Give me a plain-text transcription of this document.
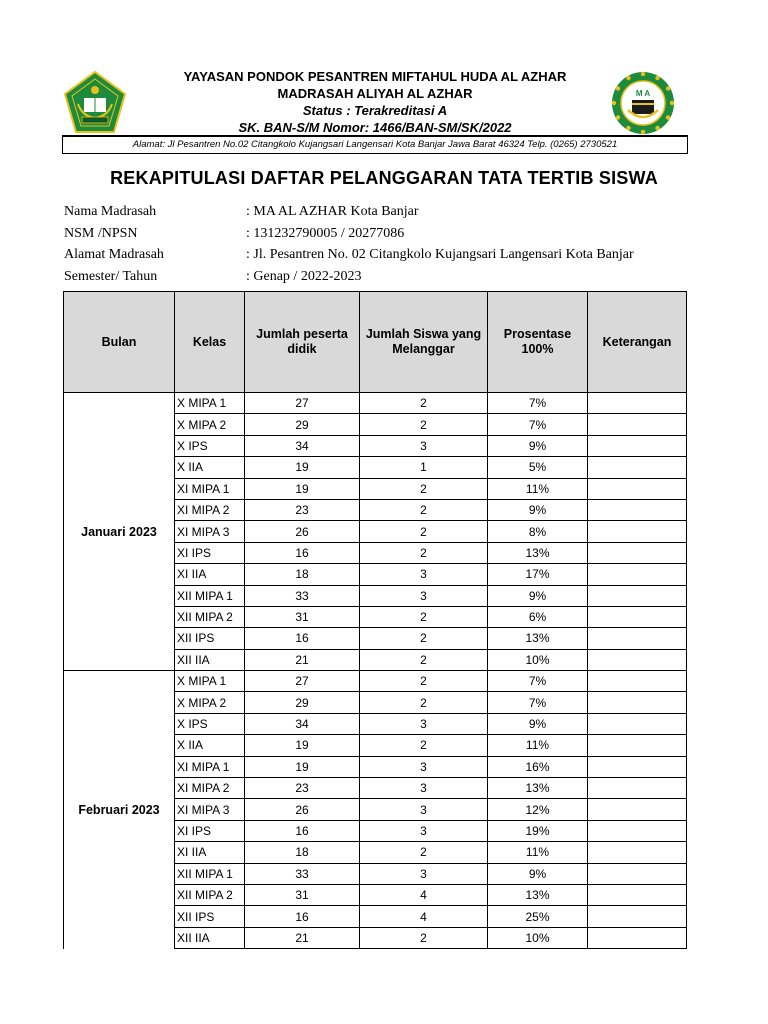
YAYASAN PONDOK PESANTREN MIFTAHUL HUDA AL AZHAR
MADRASAH ALIYAH AL AZHAR
Status : Terakreditasi A
SK. BAN-S/M Nomor: 1466/BAN-SM/SK/2022
M A
Alamat: Jl Pesantren No.02 Citangkolo Kujangsari Langensari Kota Banjar Jawa Barat 46324 Telp. (0265) 2730521
REKAPITULASI DAFTAR PELANGGARAN TATA TERTIB SISWA
Nama Madrasah	: MA AL AZHAR Kota Banjar
NSM /NPSN	: 131232790005 / 20277086
Alamat Madrasah	: Jl. Pesantren No. 02 Citangkolo Kujangsari Langensari Kota Banjar
Semester/ Tahun	: Genap / 2022-2023
Bulan	Kelas	Jumlah peserta didik	Jumlah Siswa yang Melanggar	Prosentase 100%	Keterangan
Januari 2023	X MIPA 1	27	2	7%	
	X MIPA 2	29	2	7%	
	X IPS	34	3	9%	
	X IIA	19	1	5%	
	XI MIPA 1	19	2	11%	
	XI MIPA 2	23	2	9%	
	XI MIPA 3	26	2	8%	
	XI IPS	16	2	13%	
	XI IIA	18	3	17%	
	XII MIPA 1	33	3	9%	
	XII MIPA 2	31	2	6%	
	XII IPS	16	2	13%	
	XII IIA	21	2	10%	
Februari 2023	X MIPA 1	27	2	7%	
	X MIPA 2	29	2	7%	
	X IPS	34	3	9%	
	X IIA	19	2	11%	
	XI MIPA 1	19	3	16%	
	XI MIPA 2	23	3	13%	
	XI MIPA 3	26	3	12%	
	XI IPS	16	3	19%	
	XI IIA	18	2	11%	
	XII MIPA 1	33	3	9%	
	XII MIPA 2	31	4	13%	
	XII IPS	16	4	25%	
	XII IIA	21	2	10%	
